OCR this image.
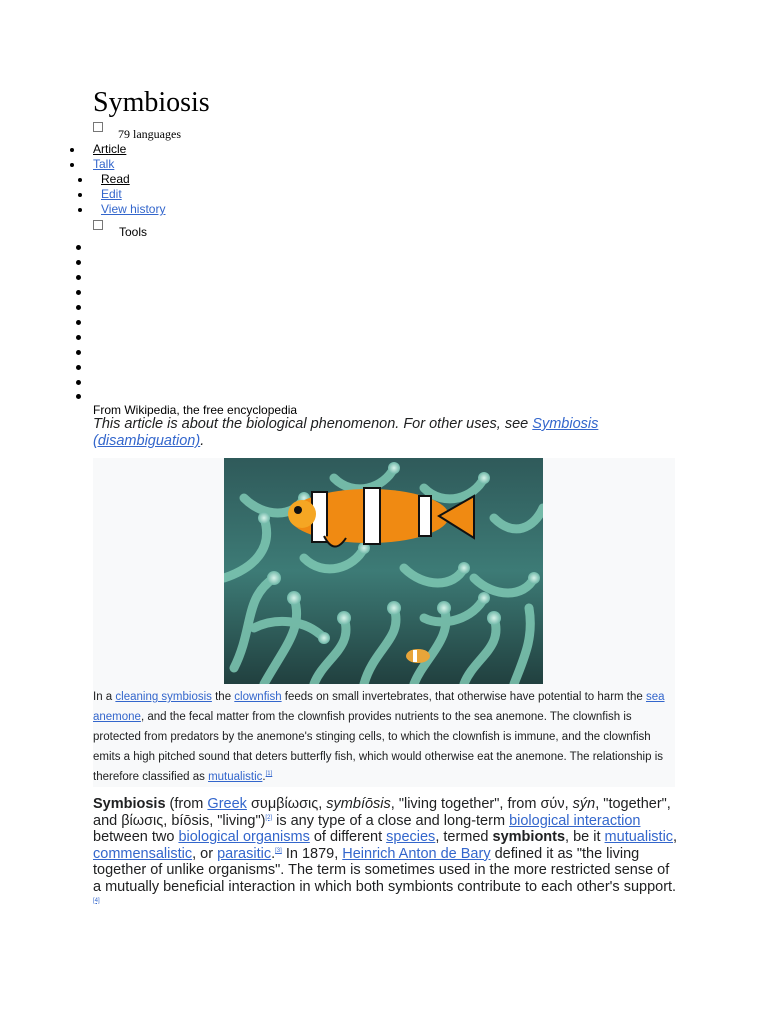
Symbiosis
79 languages
Article
Talk
Read
Edit
View history
Tools
From Wikipedia, the free encyclopedia
This article is about the biological phenomenon. For other uses, see Symbiosis (disambiguation).
In a cleaning symbiosis the clownfish feeds on small invertebrates, that otherwise have potential to harm the sea anemone, and the fecal matter from the clownfish provides nutrients to the sea anemone. The clownfish is protected from predators by the anemone's stinging cells, to which the clownfish is immune, and the clownfish emits a high pitched sound that deters butterfly fish, which would otherwise eat the anemone. The relationship is therefore classified as mutualistic.[1]

Symbiosis (from Greek συμβίωσις, symbíōsis, "living together", from σύν, sýn, "together", and βίωσις, bíōsis, "living")[2] is any type of a close and long-term biological interaction between two biological organisms of different species, termed symbionts, be it mutualistic, commensalistic, or parasitic.[3] In 1879, Heinrich Anton de Bary defined it as "the living together of unlike organisms". The term is sometimes used in the more restricted sense of a mutually beneficial interaction in which both symbionts contribute to each other's support.[4]
